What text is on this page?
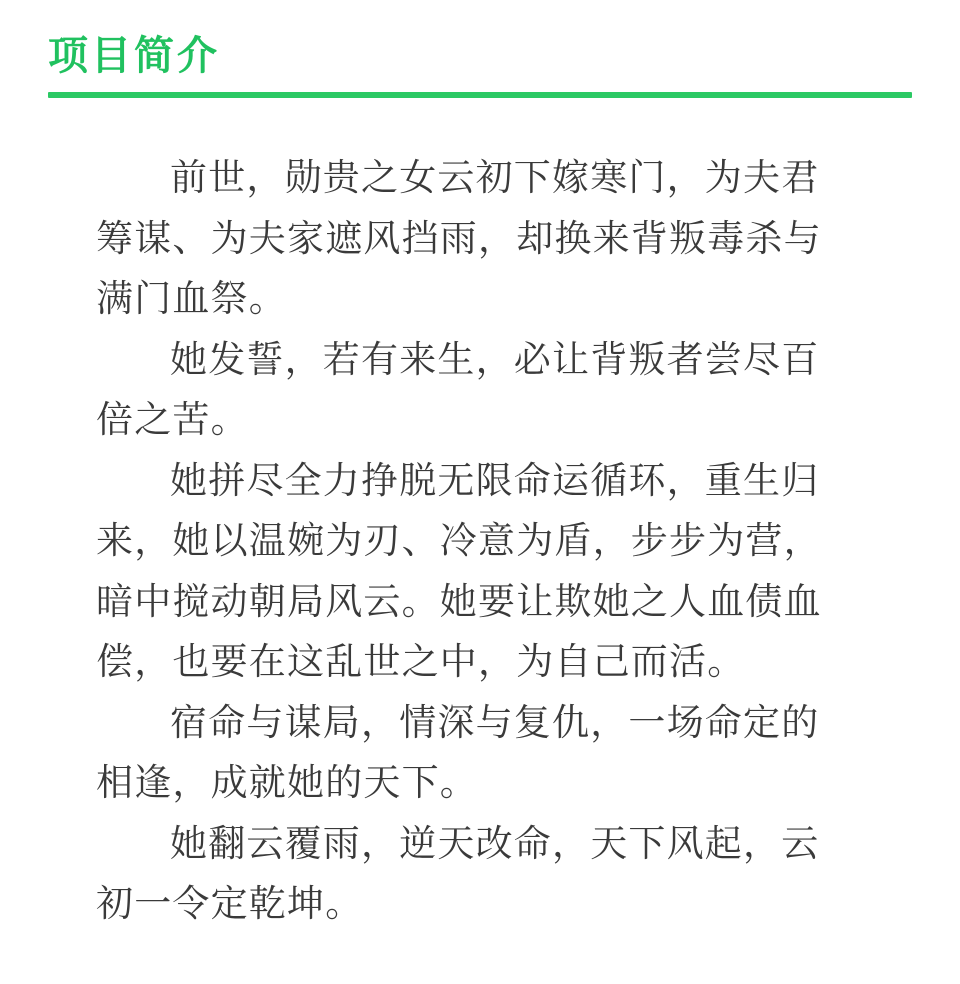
项目简介

前世，勋贵之女云初下嫁寒门，为夫君筹谋、为夫家遮风挡雨，却换来背叛毒杀与满门血祭。

她发誓，若有来生，必让背叛者尝尽百倍之苦。

她拼尽全力挣脱无限命运循环，重生归来，她以温婉为刃、冷意为盾，步步为营，暗中搅动朝局风云。她要让欺她之人血债血偿，也要在这乱世之中，为自己而活。

宿命与谋局，情深与复仇，一场命定的相逢，成就她的天下。

她翻云覆雨，逆天改命，天下风起，云初一令定乾坤。
